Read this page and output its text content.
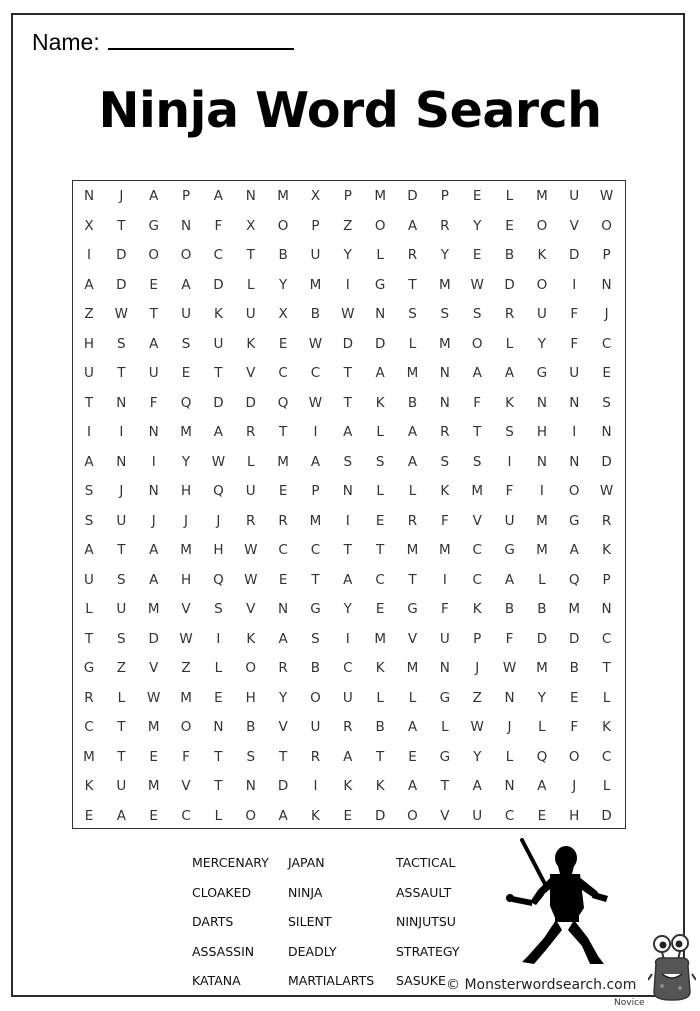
Name:
Ninja Word Search
N	J	A	P	A	N	M	X	P	M	D	P	E	L	M	U	W
X	T	G	N	F	X	O	P	Z	O	A	R	Y	E	O	V	O
I	D	O	O	C	T	B	U	Y	L	R	Y	E	B	K	D	P
A	D	E	A	D	L	Y	M	I	G	T	M	W	D	O	I	N
Z	W	T	U	K	U	X	B	W	N	S	S	S	R	U	F	J
H	S	A	S	U	K	E	W	D	D	L	M	O	L	Y	F	C
U	T	U	E	T	V	C	C	T	A	M	N	A	A	G	U	E
T	N	F	Q	D	D	Q	W	T	K	B	N	F	K	N	N	S
I	I	N	M	A	R	T	I	A	L	A	R	T	S	H	I	N
A	N	I	Y	W	L	M	A	S	S	A	S	S	I	N	N	D
S	J	N	H	Q	U	E	P	N	L	L	K	M	F	I	O	W
S	U	J	J	J	R	R	M	I	E	R	F	V	U	M	G	R
A	T	A	M	H	W	C	C	T	T	M	M	C	G	M	A	K
U	S	A	H	Q	W	E	T	A	C	T	I	C	A	L	Q	P
L	U	M	V	S	V	N	G	Y	E	G	F	K	B	B	M	N
T	S	D	W	I	K	A	S	I	M	V	U	P	F	D	D	C
G	Z	V	Z	L	O	R	B	C	K	M	N	J	W	M	B	T
R	L	W	M	E	H	Y	O	U	L	L	G	Z	N	Y	E	L
C	T	M	O	N	B	V	U	R	B	A	L	W	J	L	F	K
M	T	E	F	T	S	T	R	A	T	E	G	Y	L	Q	O	C
K	U	M	V	T	N	D	I	K	K	A	T	A	N	A	J	L
E	A	E	C	L	O	A	K	E	D	O	V	U	C	E	H	D
MERCENARY
CLOAKED
DARTS
ASSASSIN
KATANA
JAPAN
NINJA
SILENT
DEADLY
MARTIALARTS
TACTICAL
ASSAULT
NINJUTSU
STRATEGY
SASUKE © Monsterwordsearch.com
Novice
